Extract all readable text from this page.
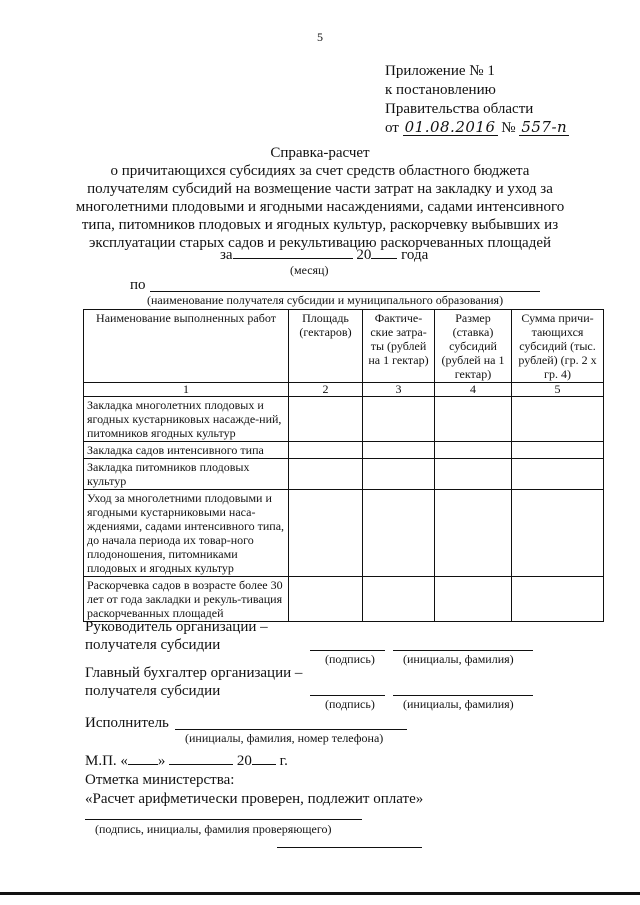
5
Приложение № 1
к постановлению
Правительства области
от 01.08.2016 № 557-п
Справка-расчет
о причитающихся субсидиях за счет средств областного бюджета
получателям субсидий на возмещение части затрат на закладку и уход за
многолетними плодовыми и ягодными насаждениями, садами интенсивного
типа, питомников плодовых и ягодных культур, раскорчевку выбывших из
эксплуатации старых садов и рекультивацию раскорчеванных площадей
за	20 года
(месяц)
по
(наименование получателя субсидии и муниципального образования)
Наименование выполненных работ	Площадь (гектаров)	Фактиче-ские затра-ты (рублей на 1 гектар)	Размер (ставка) субсидий (рублей на 1 гектар)	Сумма причи-тающихся субсидий (тыс. рублей) (гр. 2 х гр. 4)
1	2	3	4	5
Закладка многолетних плодовых и ягодных кустарниковых насажде-ний, питомников ягодных культур				
Закладка садов интенсивного типа				
Закладка питомников плодовых культур				
Уход за многолетними плодовыми и ягодными кустарниковыми наса-ждениями, садами интенсивного типа, до начала периода их товар-ного плодоношения, питомниками плодовых и ягодных культур				
Раскорчевка садов в возрасте более 30 лет от года закладки и рекуль-тивация раскорчеванных площадей				
Руководитель организации –
получателя субсидии
(подпись) (инициалы, фамилия)
Главный бухгалтер организации –
получателя субсидии
(подпись) (инициалы, фамилия)
Исполнитель
(инициалы, фамилия, номер телефона)
М.П. « »	20 г.
Отметка министерства:
«Расчет арифметически проверен, подлежит оплате»
(подпись, инициалы, фамилия проверяющего)
